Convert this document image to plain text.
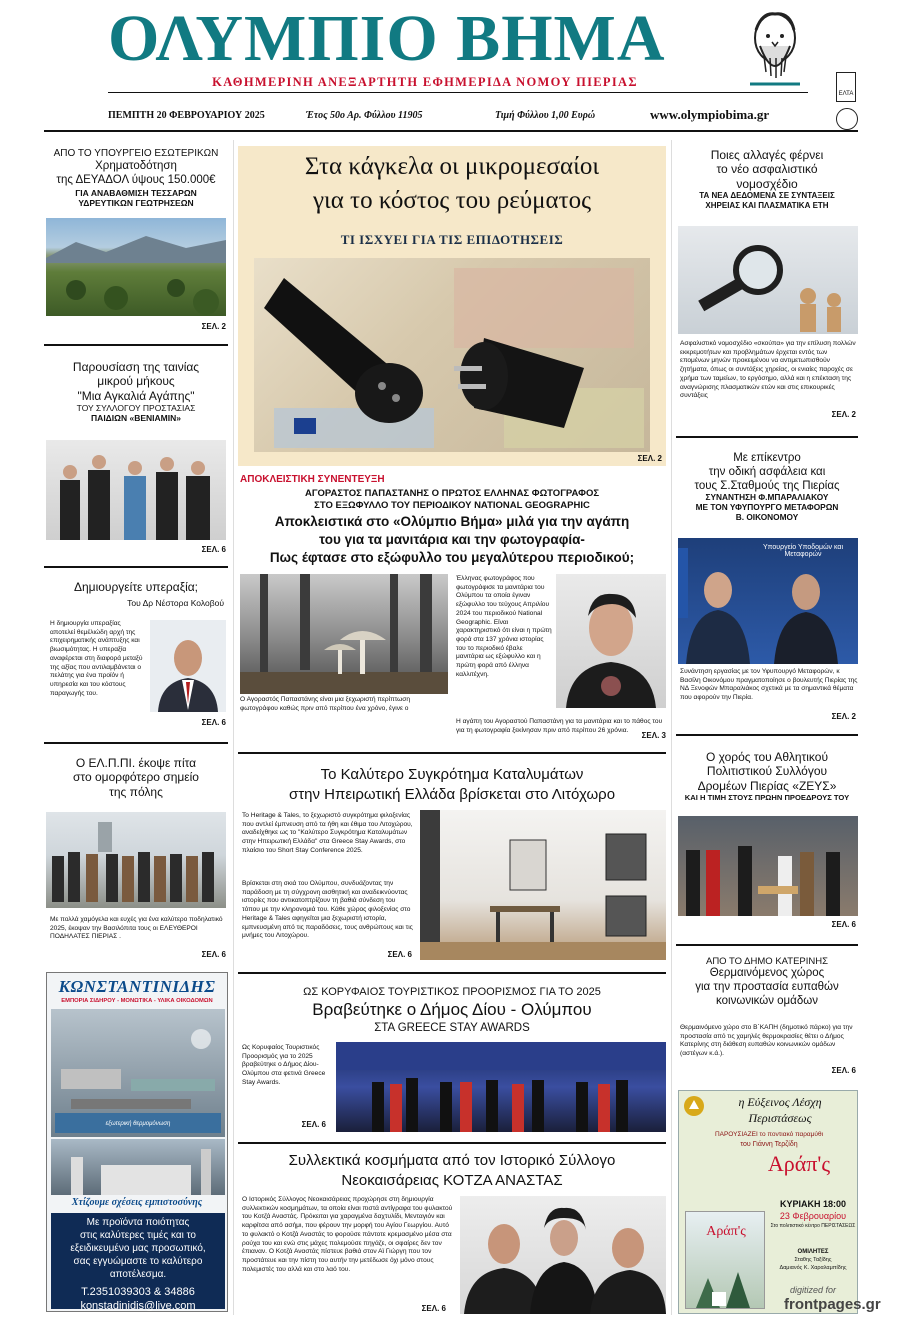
ΟΛΥΜΠΙΟ ΒΗΜΑ
ΕΛΤΑ
ΚΑΘΗΜΕΡΙΝΗ ΑΝΕΞΑΡΤΗΤΗ ΕΦΗΜΕΡΙΔΑ ΝΟΜΟΥ ΠΙΕΡΙΑΣ
ΠΕΜΠΤΗ 20 ΦΕΒΡΟΥΑΡΙΟΥ 2025	Έτος 50ο Αρ. Φύλλου 11905	Τιμή Φύλλου 1,00 Ευρώ	www.olympiobima.gr
ΑΠΟ ΤΟ ΥΠΟΥΡΓΕΙΟ ΕΣΩΤΕΡΙΚΩΝ
Χρηματοδότηση
της ΔΕΥΑΔΟΛ ύψους 150.000€
ΓΙΑ ΑΝΑΒΑΘΜΙΣΗ ΤΕΣΣΑΡΩΝ
ΥΔΡΕΥΤΙΚΩΝ ΓΕΩΤΡΗΣΕΩΝ
ΣΕΛ. 2
Παρουσίαση της ταινίας
μικρού μήκους
"Μια Αγκαλιά Αγάπης"
ΤΟΥ ΣΥΛΛΟΓΟΥ ΠΡΟΣΤΑΣΙΑΣ
ΠΑΙΔΙΩΝ «ΒΕΝΙΑΜΙΝ»
ΣΕΛ. 6
Δημιουργείτε υπεραξία;
Του Δρ Νέστορα Κολοβού
Η δημιουργία υπεραξίας αποτελεί θεμέλιώδη αρχή της επιχειρηματικής ανάπτυξης και βιωσιμότητας. Η υπεραξία αναφέρεται στη διαφορά μεταξύ της αξίας που αντιλαμβάνεται ο πελάτης για ένα προϊόν ή υπηρεσία και του κόστους παραγωγής του.
ΣΕΛ. 6
Ο ΕΛ.Π.ΠΙ. έκοψε πίτα
στο ομορφότερο σημείο
της πόλης
Με πολλά χαμόγελα και ευχές για ένα καλύτερο ποδηλατικό 2025, έκοψαν την Βασιλόπιτα τους οι ΕΛΕΥΘΕΡΟΙ ΠΟΔΗΛΑΤΕΣ ΠΙΕΡΙΑΣ .
ΣΕΛ. 6
ΚΩΝΣΤΑΝΤΙΝΙΔΗΣ
ΕΜΠΟΡΙΑ ΣΙΔΗΡΟΥ - ΜΟΝΩΤΙΚΑ - ΥΛΙΚΑ ΟΙΚΟΔΟΜΩΝ
εξωτερική θερμομόνωση
Χτίζουμε σχέσεις εμπιστοσύνης
Με προϊόντα ποιότητας
στις καλύτερες τιμές και το
εξειδικευμένο μας προσωπικό,
σας εγγυώμαστε το καλύτερο
αποτέλεσμα.
Τ.2351039303 & 34886
konstadinidis@live.com
Στα κάγκελα οι μικρομεσαίοι
για το κόστος του ρεύματος
ΤΙ ΙΣΧΥΕΙ ΓΙΑ ΤΙΣ ΕΠΙΔΟΤΗΣΕΙΣ
ΣΕΛ. 2
ΑΠΟΚΛΕΙΣΤΙΚΗ ΣΥΝΕΝΤΕΥΞΗ
ΑΓΟΡΑΣΤΟΣ ΠΑΠΑΣΤΑΝΗΣ Ο ΠΡΩΤΟΣ ΕΛΛΗΝΑΣ ΦΩΤΟΓΡΑΦΟΣ
ΣΤΟ ΕΞΩΦΥΛΛΟ ΤΟΥ ΠΕΡΙΟΔΙΚΟΥ NATIONAL GEOGRAPHIC
Αποκλειστικά στο «Ολύμπιο Βήμα» μιλά για την αγάπη
του για τα μανιτάρια και την φωτογραφία-
Πως έφτασε στο εξώφυλλο του μεγαλύτερου περιοδικού;
Ο Αγοραστός Παπαστάνης είναι μια ξεχωριστή περίπτωση φωτογράφου καθώς πριν από περίπου ένα χρόνο, έγινε ο
Έλληνας φωτογράφος που φωτογράφισε τα μανιτάρια του Ολύμπου τα οποία έγιναν εξώφυλλο του τεύχους Απριλίου 2024 του περιοδικού National Geographic. Είναι χαρακτηριστικό ότι είναι η πρώτη φορά στα 137 χρόνια ιστορίας του το περιοδικό έβαλε μανιτάρια ως εξώφυλλο και η πρώτη φορά από έλληνα καλλιτέχνη.
Η αγάπη του Αγοραστού Παπαστάνη για τα μανιτάρια και το πάθος του για τη φωτογραφία ξεκίνησαν πριν από περίπου 26 χρόνια.
ΣΕΛ. 3
Το Καλύτερο Συγκρότημα Καταλυμάτων
στην Ηπειρωτική Ελλάδα βρίσκεται στο Λιτόχωρο
Το Heritage & Tales, το ξεχωριστό συγκρότημα φιλοξενίας που αντλεί έμπνευση από τα ήθη και έθιμα του Λιτοχώρου, αναδείχθηκε ως το "Καλύτερο Συγκρότημα Καταλυμάτων στην Ηπειρωτική Ελλάδα" στα Greece Stay Awards, στο πλαίσιο του Short Stay Conference 2025.
Βρίσκεται στη σκιά του Ολύμπου, συνδυάζοντας την παράδοση με τη σύγχρονη αισθητική και αναδεικνύοντας ιστορίες που αντικατοπτρίζουν τη βαθιά σύνδεση του τόπου με την κληρονομιά του. Κάθε χώρος φιλοξενίας στο Heritage & Tales αφηγείται μια ξεχωριστή ιστορία, εμπνευσμένη από τις παραδόσεις, τους ανθρώπους και τις μνήμες του Λιτοχώρου.
ΣΕΛ. 6
ΩΣ ΚΟΡΥΦΑΙΟΣ ΤΟΥΡΙΣΤΙΚΟΣ ΠΡΟΟΡΙΣΜΟΣ ΓΙΑ ΤΟ 2025
Βραβεύτηκε ο Δήμος Δίου - Ολύμπου
ΣΤΑ GREECE STAY AWARDS
Ως Κορυφαίος Τουριστικός Προορισμός για το 2025 βραβεύτηκε ο Δήμος Δίου-Ολύμπου στα φετινά Greece Stay Awards.
ΣΕΛ. 6
Συλλεκτικά κοσμήματα από τον Ιστορικό Σύλλογο
Νεοκαισάρειας ΚΟΤΖΑ ΑΝΑΣΤΑΣ
Ο Ιστορικός Σύλλογος Νεοκαισάρειας προχώρησε στη δημιουργία συλλεκτικών κοσμημάτων, τα οποία είναι πιστά αντίγραφα του φυλακτού του Κοτζά Αναστάς. Πρόκειται για χαραγμένα δαχτυλίδι, Μενταγιόν και καρφίτσα από ασήμι, που φέρουν την μορφή του Αγίου Γεωργίου. Αυτό το φυλακτό ο Κοτζά Αναστάς το φορούσε πάντοτε κρεμασμένο μέσα στα ρούχα του και ενώ στις μάχες πολεμούσε πηγάζε, οι σφαίρες δεν τον έπιαναν. Ο Κοτζά Αναστάς πίστευε βαθιά στον Αϊ Γιώργη που τον προστάτευε και την πίστη του αυτήν την μετέδωσε όχι μόνο στους πολεμιστές του αλλά και στο λαό του.
ΣΕΛ. 6
Ποιες αλλαγές φέρνει
το νέο ασφαλιστικό
νομοσχέδιο
ΤΑ ΝΕΑ ΔΕΔΟΜΕΝΑ ΣΕ ΣΥΝΤΑΞΕΙΣ
ΧΗΡΕΙΑΣ ΚΑΙ ΠΛΑΣΜΑΤΙΚΑ ΕΤΗ
Ασφαλιστικό νομοσχέδιο «σκούπα» για την επίλυση πολλών εκκρεμοτήτων και προβλημάτων έρχεται εντός των επομένων μηνών προκειμένου να αντιμετωπισθούν ζητήματα, όπως οι συντάξεις χηρείας, οι ενιαίες παροχές σε χρήμα των ταμείων, το εργόσημο, αλλά και η επέκταση της αναγνώρισης πλασματικών ετών και στις επικουρικές συντάξεις
ΣΕΛ. 2
Με επίκεντρο
την οδική ασφάλεια και
τους Σ.Σταθμούς της Πιερίας
ΣΥΝΑΝΤΗΣΗ Φ.ΜΠΑΡΑΛΙΑΚΟΥ
ΜΕ ΤΟΝ ΥΦΥΠΟΥΡΓΟ ΜΕΤΑΦΟΡΩΝ
Β. ΟΙΚΟΝΟΜΟΥ
Υπουργείο Υποδομών και Μεταφορών
Συνάντηση εργασίας με τον Υφυπουργό Μεταφορών, κ Βασίλη Οικονόμου πραγματοποίησε ο βουλευτής Πιερίας της ΝΔ Ξενοφών Μπαραλιάκος σχετικά με τα σημαντικά θέματα που αφορούν την Πιερία.
ΣΕΛ. 2
Ο χορός του Αθλητικού
Πολιτιστικού Συλλόγου
Δρομέων Πιερίας «ΖΕΥΣ»
ΚΑΙ Η ΤΙΜΗ ΣΤΟΥΣ ΠΡΩΗΝ ΠΡΟΕΔΡΟΥΣ ΤΟΥ
ΣΕΛ. 6
ΑΠΟ ΤΟ ΔΗΜΟ ΚΑΤΕΡΙΝΗΣ
Θερμαινόμενος χώρος
για την προστασία ευπαθών
κοινωνικών ομάδων
Θερμαινόμενο χώρο στο Β΄ΚΑΠΗ (δημοτικό πάρκο) για την προστασία από τις χαμηλές θερμοκρασίες θέτει ο Δήμος Κατερίνης στη διάθεση ευπαθών κοινωνικών ομάδων (αστέγων κ.ά.).
ΣΕΛ. 6
η Εύξεινος Λέσχη
Περιστάσεως
ΠΑΡΟΥΣΙΑΖΕΙ το ποντιακό παραμύθι
του Γιάννη Τερζίδη
Αράπ'ς
Αράπ'ς
ΚΥΡΙΑΚΗ 18:00
23 Φεβρουαρίου
Στο πολιτιστικό κέντρο ΠΕΡΙΣΤΑΣΕΩΣ
ΟΜΙΛΗΤΕΣ
Σταθης Ταξίδης
Δαμιανός Κ. Χαραλαμπίδης
digitized for
frontpages.gr
